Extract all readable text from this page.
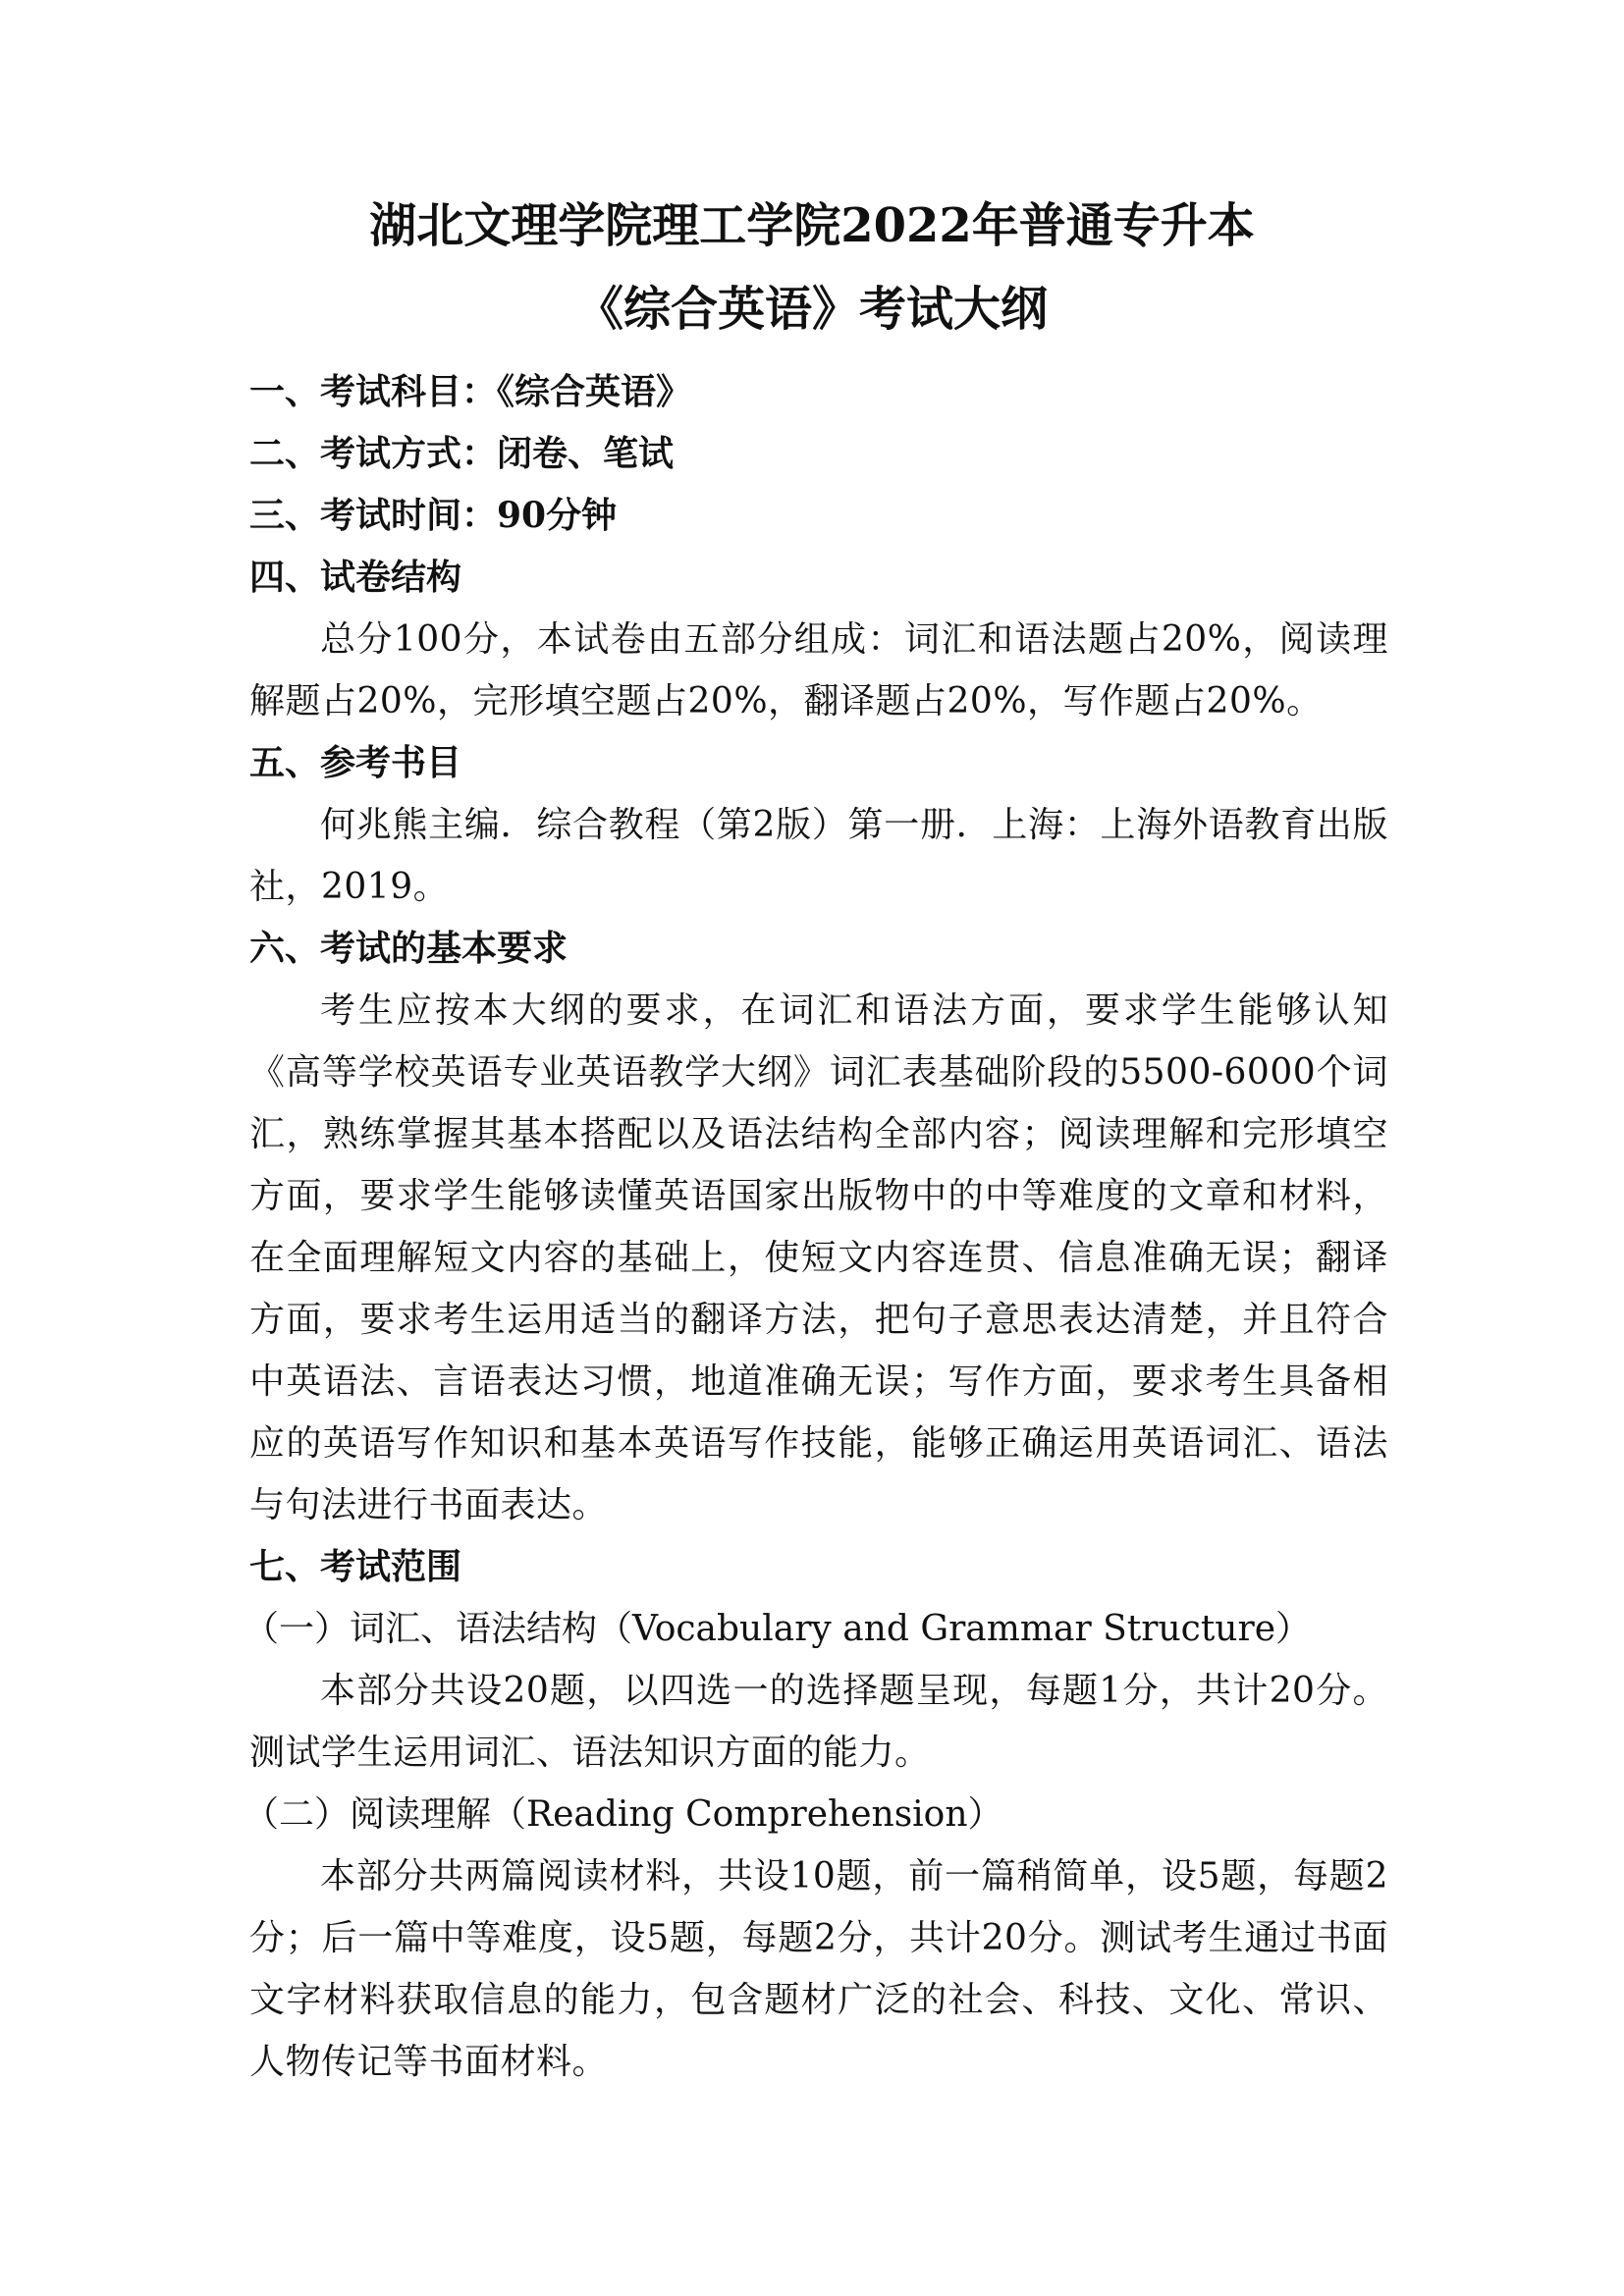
湖北文理学院理工学院2022年普通专升本
《综合英语》考试大纲
一、考试科目：《综合英语》
二、考试方式：闭卷、笔试
三、考试时间：90分钟
四、试卷结构
总分100分，本试卷由五部分组成：词汇和语法题占20%，阅读理解题占20%，完形填空题占20%，翻译题占20%，写作题占20%。
五、参考书目
何兆熊主编．综合教程（第2版）第一册．上海：上海外语教育出版社，2019。
六、考试的基本要求
考生应按本大纲的要求，在词汇和语法方面，要求学生能够认知《高等学校英语专业英语教学大纲》词汇表基础阶段的5500-6000个词汇，熟练掌握其基本搭配以及语法结构全部内容；阅读理解和完形填空方面，要求学生能够读懂英语国家出版物中的中等难度的文章和材料，在全面理解短文内容的基础上，使短文内容连贯、信息准确无误；翻译方面，要求考生运用适当的翻译方法，把句子意思表达清楚，并且符合中英语法、言语表达习惯，地道准确无误；写作方面，要求考生具备相应的英语写作知识和基本英语写作技能，能够正确运用英语词汇、语法与句法进行书面表达。
七、考试范围
（一）词汇、语法结构（Vocabulary and Grammar Structure）
本部分共设20题，以四选一的选择题呈现，每题1分，共计20分。测试学生运用词汇、语法知识方面的能力。
（二）阅读理解（Reading Comprehension）
本部分共两篇阅读材料，共设10题，前一篇稍简单，设5题，每题2分；后一篇中等难度，设5题，每题2分，共计20分。测试考生通过书面文字材料获取信息的能力，包含题材广泛的社会、科技、文化、常识、人物传记等书面材料。
